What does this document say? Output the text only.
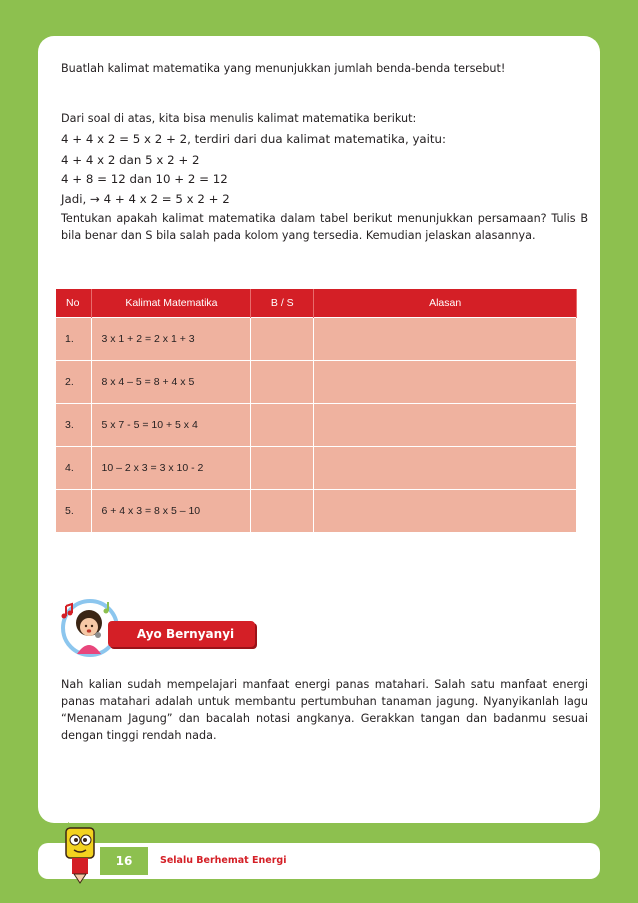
Buatlah kalimat matematika yang menunjukkan jumlah benda-benda tersebut!
Dari soal di atas, kita bisa menulis kalimat matematika berikut:
4 + 4 x 2 = 5 x 2 + 2, terdiri dari dua kalimat matematika, yaitu:
4 + 4 x 2 dan 5 x 2 + 2
4 + 8 = 12 dan 10 + 2 = 12
Jadi, → 4 + 4 x 2 = 5 x 2 + 2
Tentukan apakah kalimat matematika dalam tabel berikut menunjukkan persamaan? Tulis B bila benar dan S bila salah pada kolom yang tersedia. Kemudian jelaskan alasannya.
No	Kalimat Matematika	B / S	Alasan
1.	3 x 1 + 2 = 2 x 1 + 3		
2.	8 x 4 – 5 = 8 + 4 x 5		
3.	5 x 7 - 5 = 10 + 5 x 4		
4.	10 – 2 x 3 = 3 x 10 - 2		
5.	6 + 4 x 3 = 8 x 5 – 10		
Ayo Bernyanyi
Nah kalian sudah mempelajari manfaat energi panas matahari. Salah satu manfaat energi panas matahari adalah untuk membantu pertumbuhan tanaman jagung. Nyanyikanlah lagu “Menanam Jagung” dan bacalah notasi angkanya. Gerakkan tangan dan badanmu sesuai dengan tinggi rendah nada.
16	Selalu Berhemat Energi
